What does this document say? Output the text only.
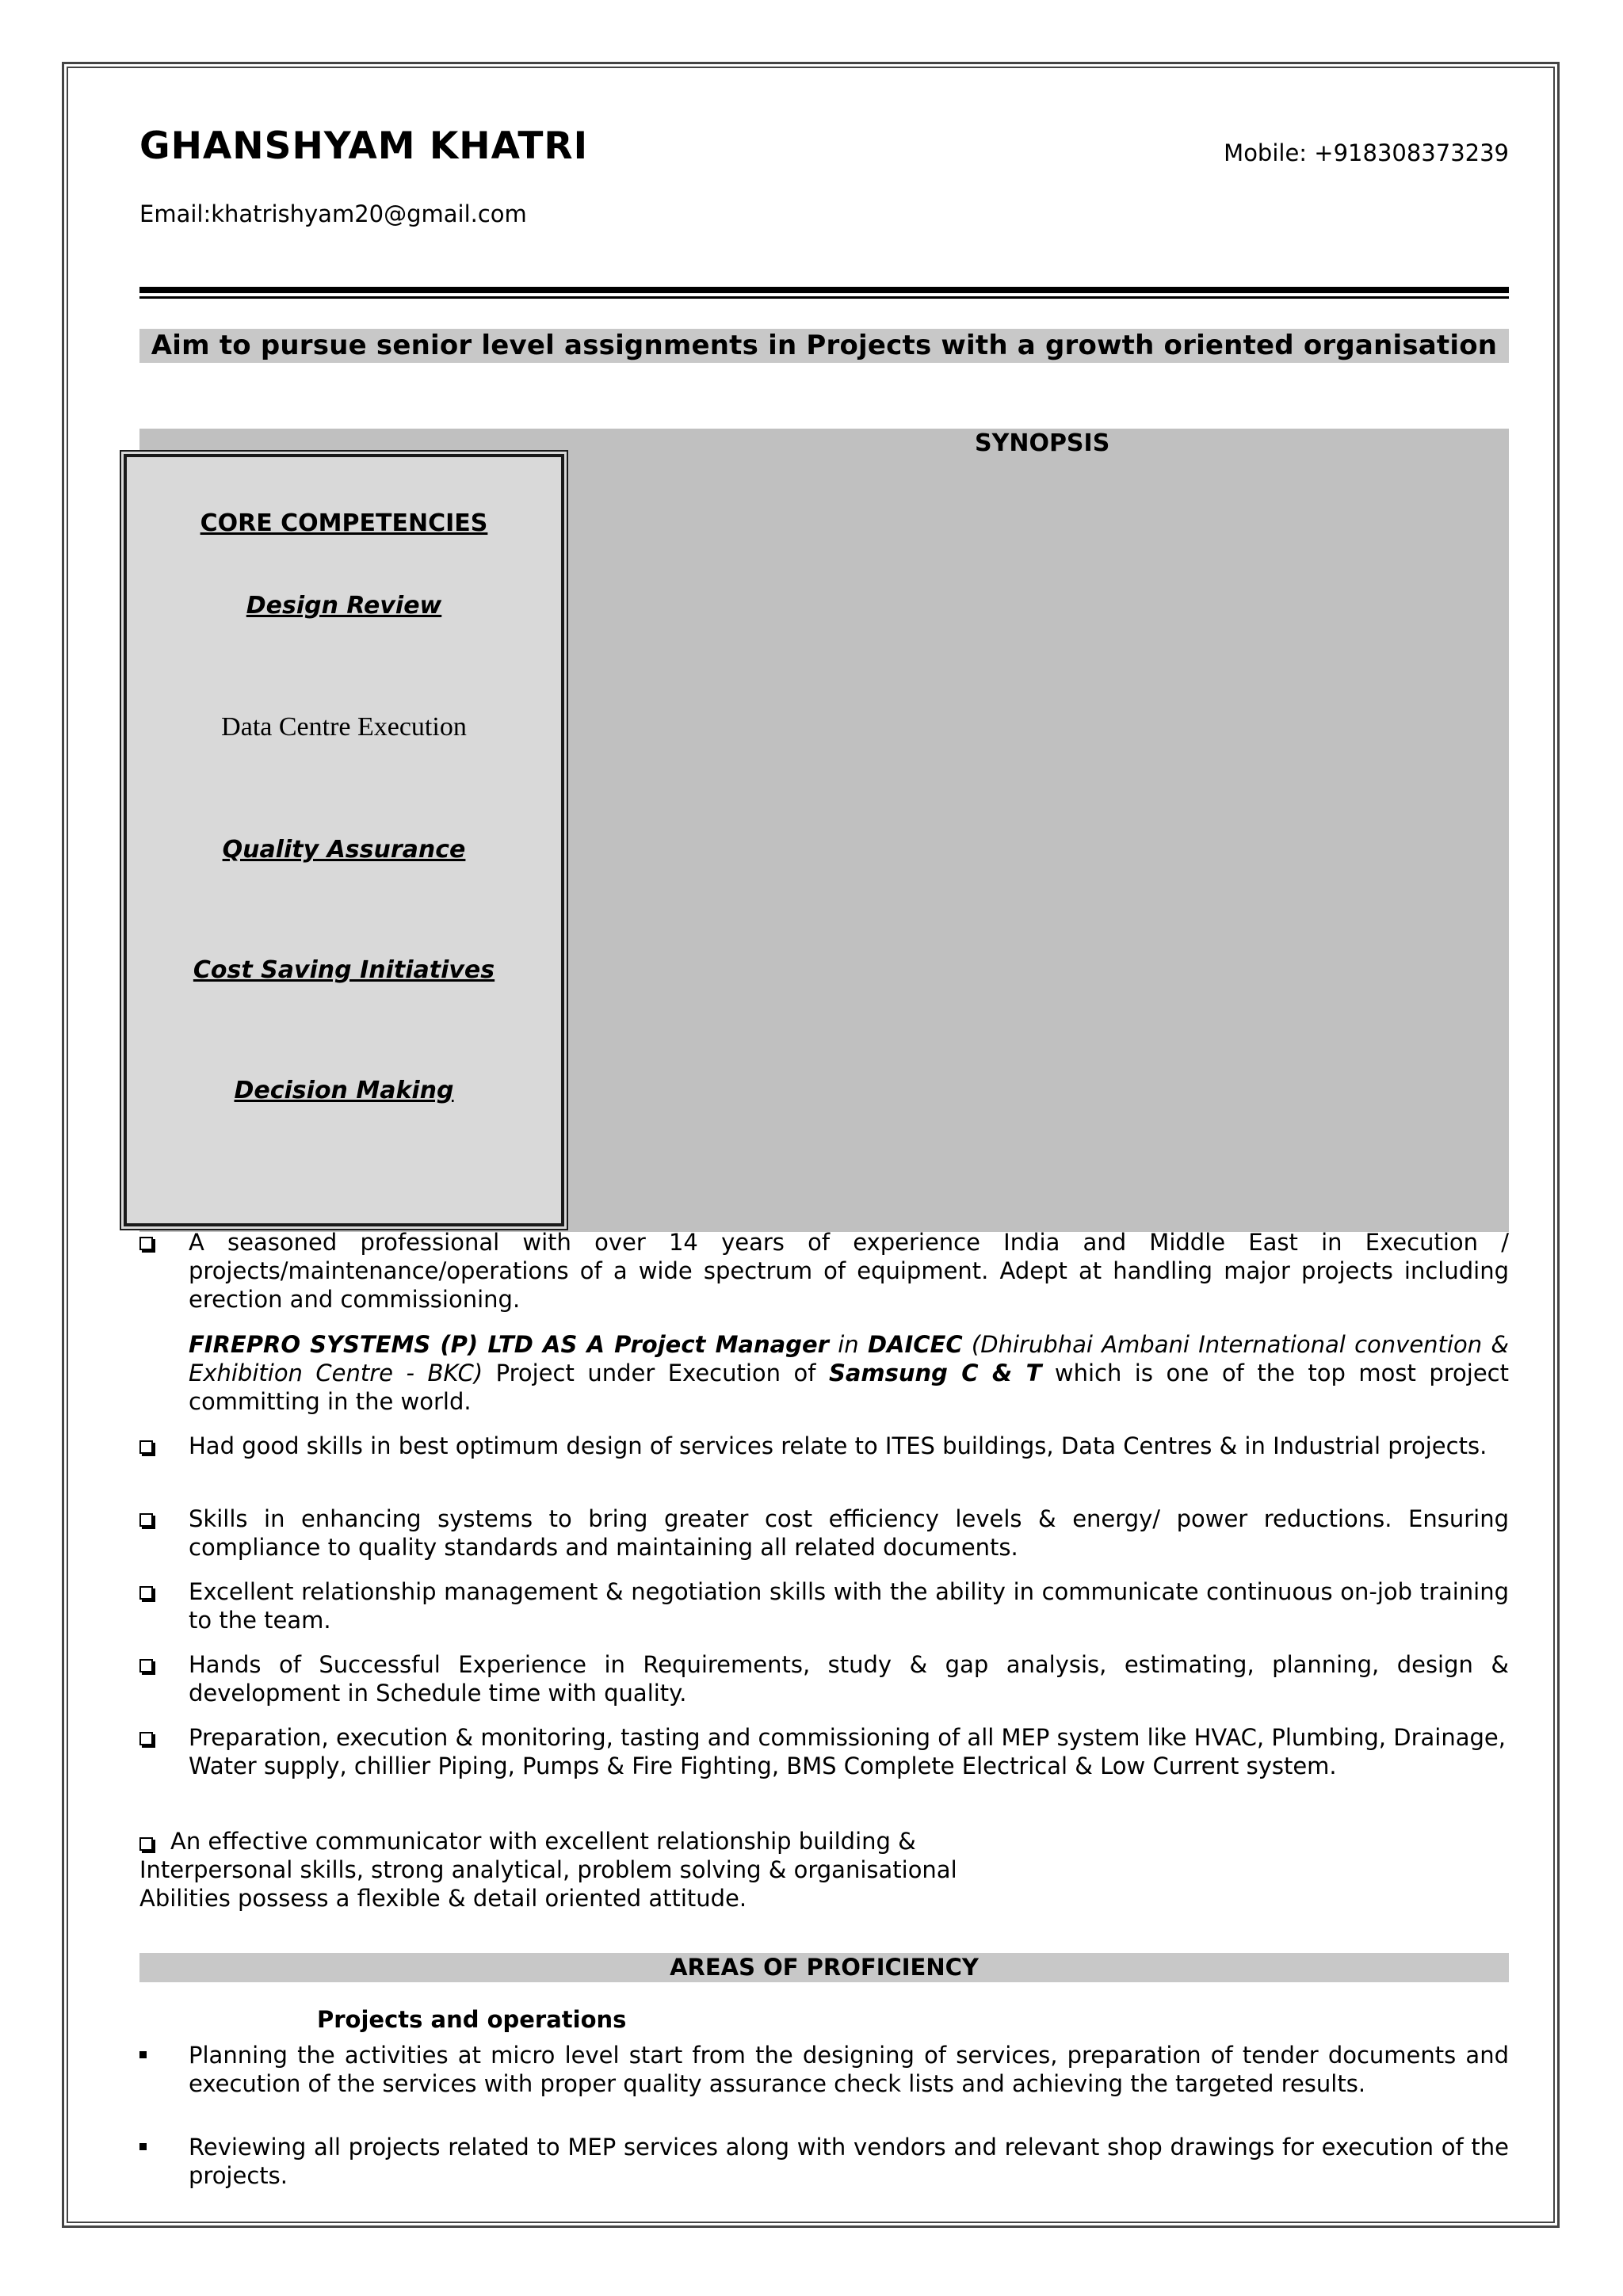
GHANSHYAM KHATRI	Mobile: +918308373239
Email:khatrishyam20@gmail.com
Aim to pursue senior level assignments in Projects with a growth oriented organisation
SYNOPSIS
CORE COMPETENCIES
Design Review
Data Centre Execution
Quality Assurance
Cost Saving Initiatives
Decision Making
A seasoned professional with over 14 years of experience India and Middle East in Execution / projects/maintenance/operations of a wide spectrum of equipment. Adept at handling major projects including erection and commissioning.
FIREPRO SYSTEMS (P) LTD AS A Project Manager in DAICEC (Dhirubhai Ambani International convention & Exhibition Centre - BKC) Project under Execution of Samsung C & T which is one of the top most project committing in the world.
Had good skills in best optimum design of services relate to ITES buildings, Data Centres & in Industrial projects.
Skills in enhancing systems to bring greater cost efficiency levels & energy/ power reductions. Ensuring compliance to quality standards and maintaining all related documents.
Excellent relationship management & negotiation skills with the ability in communicate continuous on-job training to the team.
Hands of Successful Experience in Requirements, study & gap analysis, estimating, planning, design & development in Schedule time with quality.
Preparation, execution & monitoring, tasting and commissioning of all MEP system like HVAC, Plumbing, Drainage, Water supply, chillier Piping, Pumps & Fire Fighting, BMS Complete Electrical & Low Current system.
An effective communicator with excellent relationship building &
Interpersonal skills, strong analytical, problem solving & organisational
Abilities possess a flexible & detail oriented attitude.
AREAS OF PROFICIENCY
Projects and operations
Planning the activities at micro level start from the designing of services, preparation of tender documents and execution of the services with proper quality assurance check lists and achieving the targeted results.
Reviewing all projects related to MEP services along with vendors and relevant shop drawings for execution of the projects.
